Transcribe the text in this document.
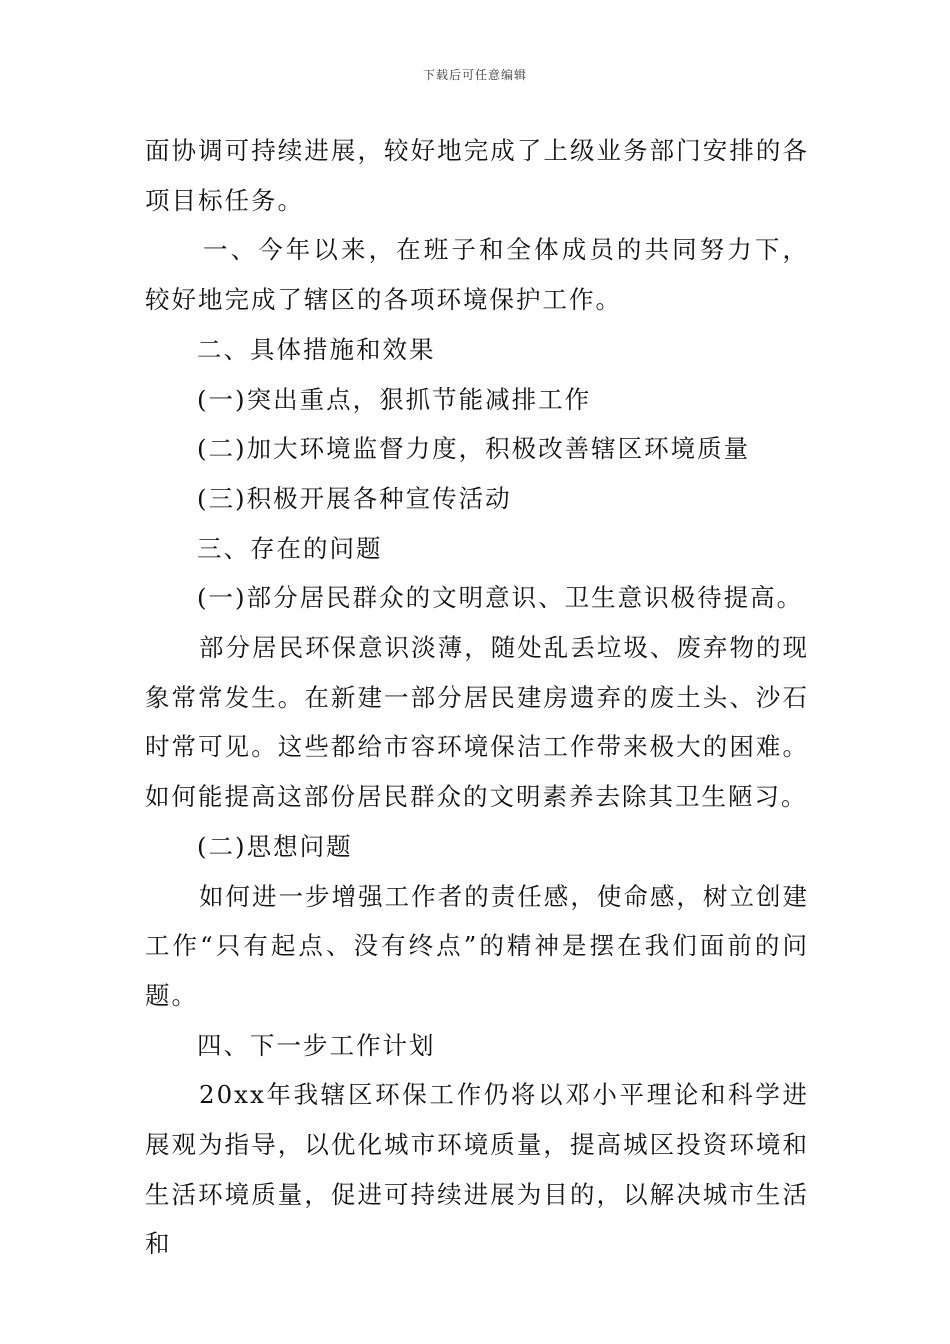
下载后可任意编辑

面协调可持续进展，较好地完成了上级业务部门安排的各项目标任务。

一、今年以来，在班子和全体成员的共同努力下，较好地完成了辖区的各项环境保护工作。

二、具体措施和效果

(一)突出重点，狠抓节能减排工作

(二)加大环境监督力度，积极改善辖区环境质量

(三)积极开展各种宣传活动

三、存在的问题

(一)部分居民群众的文明意识、卫生意识极待提高。

部分居民环保意识淡薄，随处乱丢垃圾、废弃物的现象常常发生。在新建一部分居民建房遗弃的废土头、沙石时常可见。这些都给市容环境保洁工作带来极大的困难。如何能提高这部份居民群众的文明素养去除其卫生陋习。

(二)思想问题

如何进一步增强工作者的责任感，使命感，树立创建工作“只有起点、没有终点”的精神是摆在我们面前的问题。

四、下一步工作计划

20xx年我辖区环保工作仍将以邓小平理论和科学进展观为指导，以优化城市环境质量，提高城区投资环境和生活环境质量，促进可持续进展为目的，以解决城市生活和
